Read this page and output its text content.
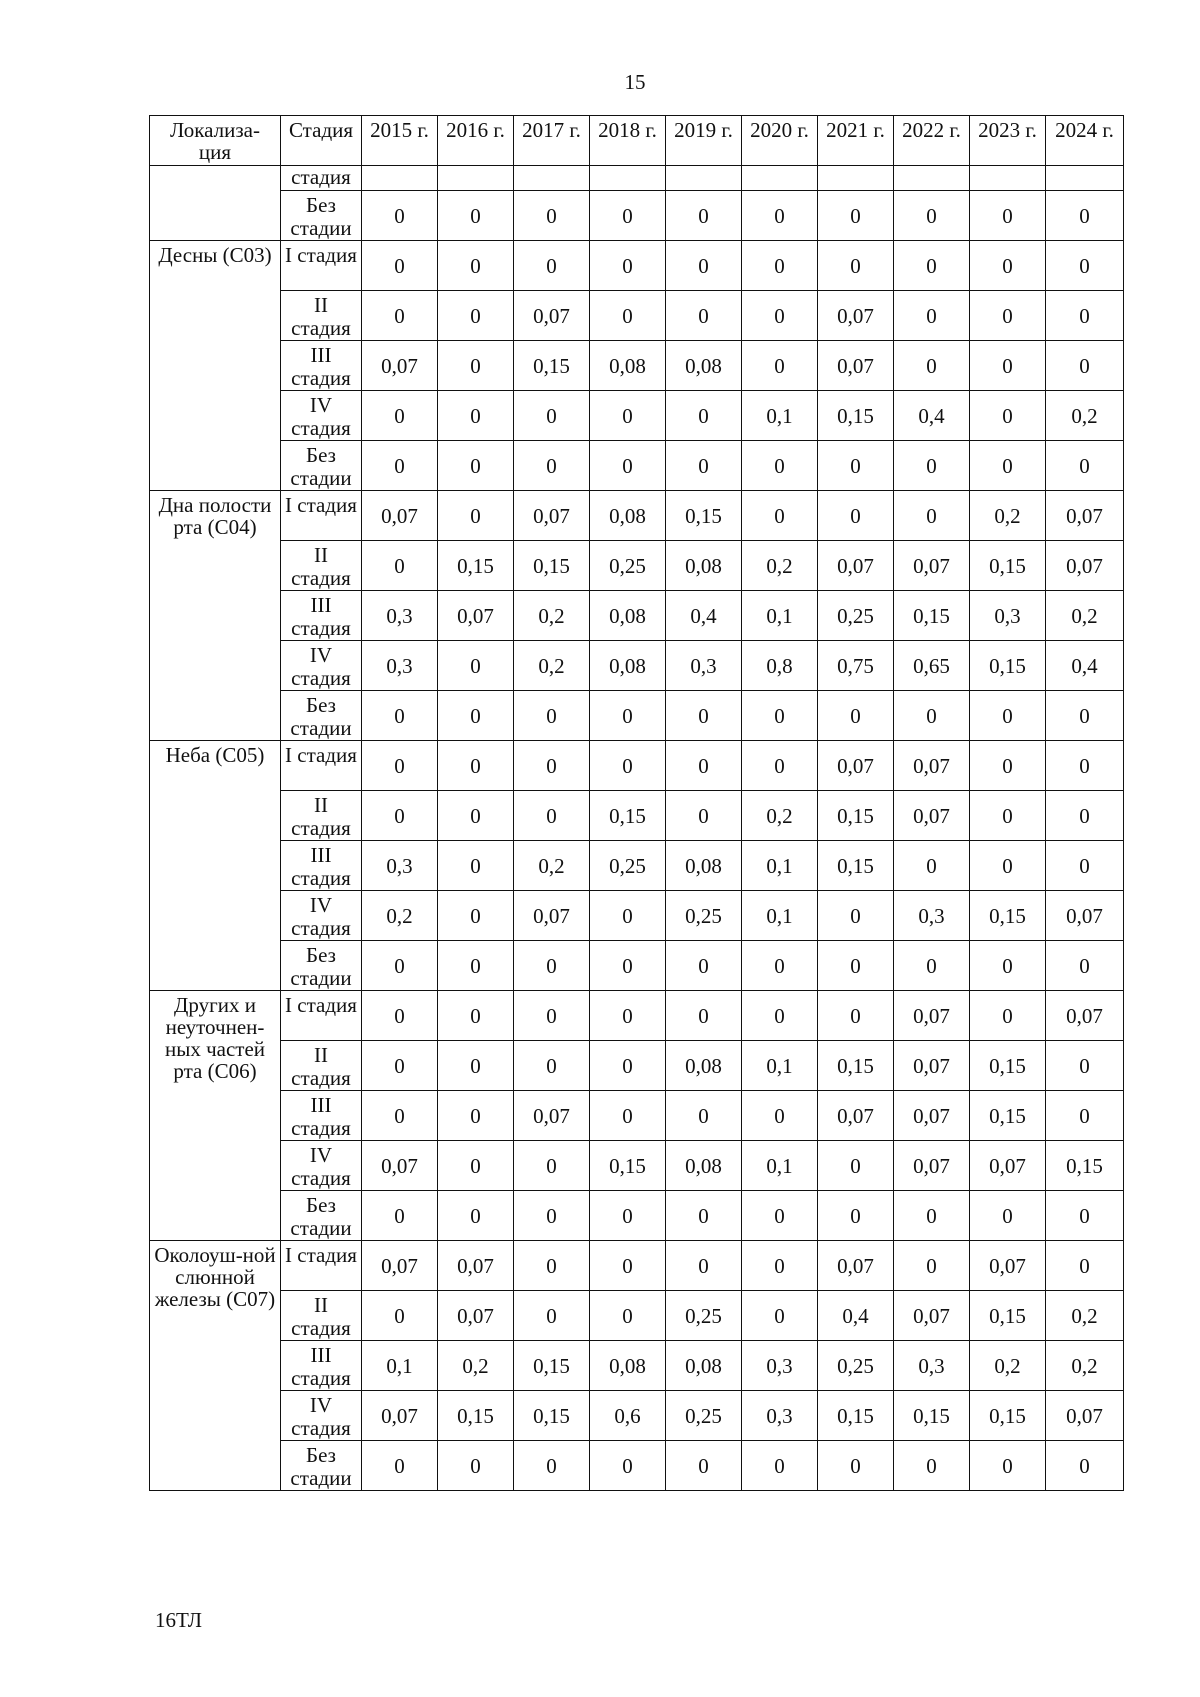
15
Локализа-ция	Стадия	2015 г.	2016 г.	2017 г.	2018 г.	2019 г.	2020 г.	2021 г.	2022 г.	2023 г.	2024 г.
	стадия										
	Без стадии	0	0	0	0	0	0	0	0	0	0
Десны (С03)	I стадия	0	0	0	0	0	0	0	0	0	0
	II стадия	0	0	0,07	0	0	0	0,07	0	0	0
	III стадия	0,07	0	0,15	0,08	0,08	0	0,07	0	0	0
	IV стадия	0	0	0	0	0	0,1	0,15	0,4	0	0,2
	Без стадии	0	0	0	0	0	0	0	0	0	0
Дна полости рта (С04)	I стадия	0,07	0	0,07	0,08	0,15	0	0	0	0,2	0,07
	II стадия	0	0,15	0,15	0,25	0,08	0,2	0,07	0,07	0,15	0,07
	III стадия	0,3	0,07	0,2	0,08	0,4	0,1	0,25	0,15	0,3	0,2
	IV стадия	0,3	0	0,2	0,08	0,3	0,8	0,75	0,65	0,15	0,4
	Без стадии	0	0	0	0	0	0	0	0	0	0
Неба (С05)	I стадия	0	0	0	0	0	0	0,07	0,07	0	0
	II стадия	0	0	0	0,15	0	0,2	0,15	0,07	0	0
	III стадия	0,3	0	0,2	0,25	0,08	0,1	0,15	0	0	0
	IV стадия	0,2	0	0,07	0	0,25	0,1	0	0,3	0,15	0,07
	Без стадии	0	0	0	0	0	0	0	0	0	0
Других и неуточнен-ных частей рта (С06)	I стадия	0	0	0	0	0	0	0	0,07	0	0,07
	II стадия	0	0	0	0	0,08	0,1	0,15	0,07	0,15	0
	III стадия	0	0	0,07	0	0	0	0,07	0,07	0,15	0
	IV стадия	0,07	0	0	0,15	0,08	0,1	0	0,07	0,07	0,15
	Без стадии	0	0	0	0	0	0	0	0	0	0
Околоуш-ной слюнной железы (С07)	I стадия	0,07	0,07	0	0	0	0	0,07	0	0,07	0
	II стадия	0	0,07	0	0	0,25	0	0,4	0,07	0,15	0,2
	III стадия	0,1	0,2	0,15	0,08	0,08	0,3	0,25	0,3	0,2	0,2
	IV стадия	0,07	0,15	0,15	0,6	0,25	0,3	0,15	0,15	0,15	0,07
	Без стадии	0	0	0	0	0	0	0	0	0	0
16ТЛ
